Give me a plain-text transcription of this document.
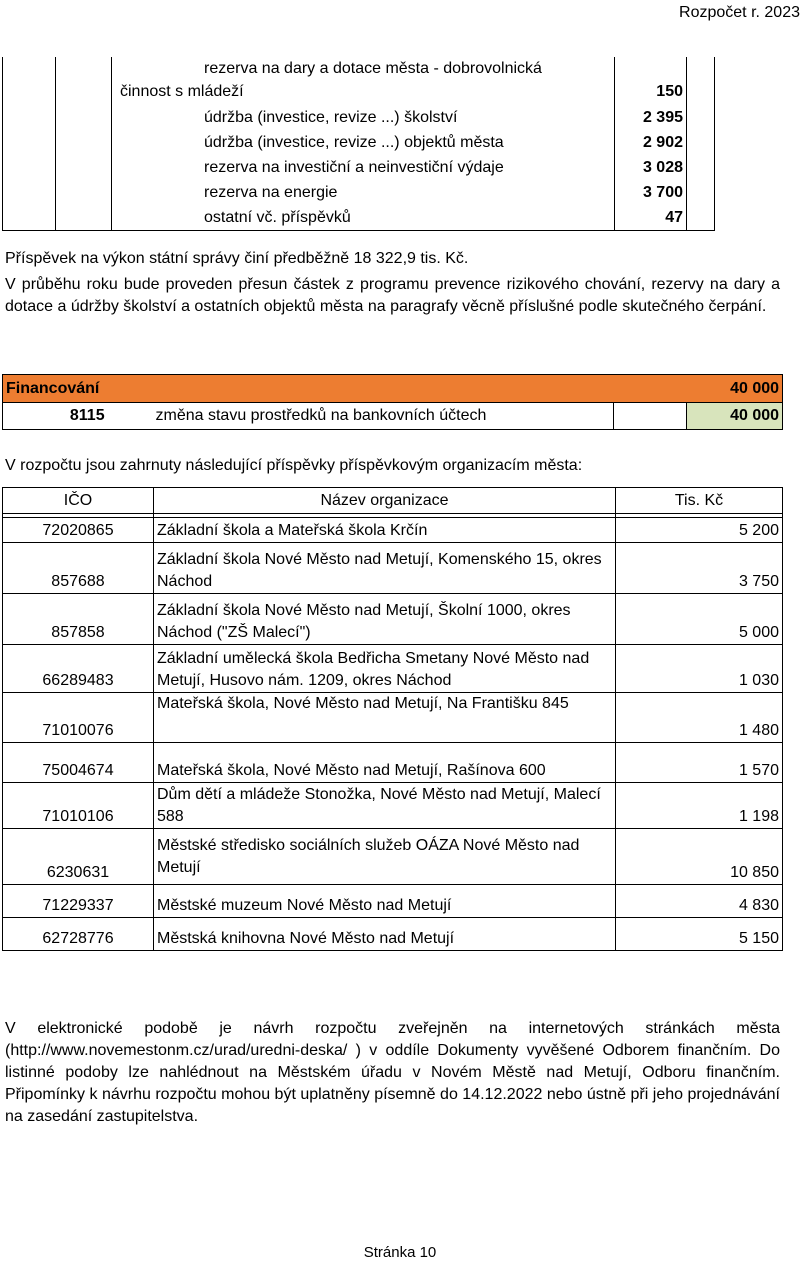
Rozpočet r. 2023

		rezerva na dary a dotace města - dobrovolnická
činnost s mládeží	150	

		údržba (investice, revize ...) školství	2 395	

		údržba (investice, revize ...) objektů města	2 902	

		rezerva na investiční a neinvestiční výdaje	3 028	

		rezerva na energie	3 700	

		ostatní vč. příspěvků	47	
Příspěvek na výkon státní správy činí předběžně 18 322,9 tis. Kč.
V průběhu roku bude proveden přesun částek z programu prevence rizikového chování, rezervy na dary a dotace a údržby školství a ostatních objektů města na paragrafy věcně příslušné podle skutečného čerpání.
Financování			40 000
8115	změna stavu prostředků na bankovních účtech		40 000
V rozpočtu jsou zahrnuty následující příspěvky příspěvkovým organizacím města:
IČO	Název organizace	Tis. Kč

72020865	Základní škola a Mateřská škola Krčín	5 200
857688	Základní škola Nové Město nad Metují, Komenského 15, okres Náchod	3 750
857858	Základní škola Nové Město nad Metují, Školní 1000, okres Náchod ("ZŠ Malecí")	5 000
66289483	Základní umělecká škola Bedřicha Smetany Nové Město nad Metují, Husovo nám. 1209, okres Náchod	1 030
71010076	Mateřská škola, Nové Město nad Metují, Na Františku 845	1 480
75004674	Mateřská škola, Nové Město nad Metují, Rašínova 600	1 570
71010106	Dům dětí a mládeže Stonožka, Nové Město nad Metují, Malecí 588	1 198
6230631	Městské středisko sociálních služeb OÁZA Nové Město nad Metují	10 850
71229337	Městské muzeum Nové Město nad Metují	4 830
62728776	Městská knihovna Nové Město nad Metují	5 150
V elektronické podobě je návrh rozpočtu zveřejněn na internetových stránkách města (http://www.novemestonm.cz/urad/uredni-deska/ ) v oddíle Dokumenty vyvěšené Odborem finančním. Do listinné podoby lze nahlédnout na Městském úřadu v Novém Městě nad Metují, Odboru finančním. Připomínky k návrhu rozpočtu mohou být uplatněny písemně do 14.12.2022 nebo ústně při jeho projednávání na zasedání zastupitelstva.
Stránka 10
